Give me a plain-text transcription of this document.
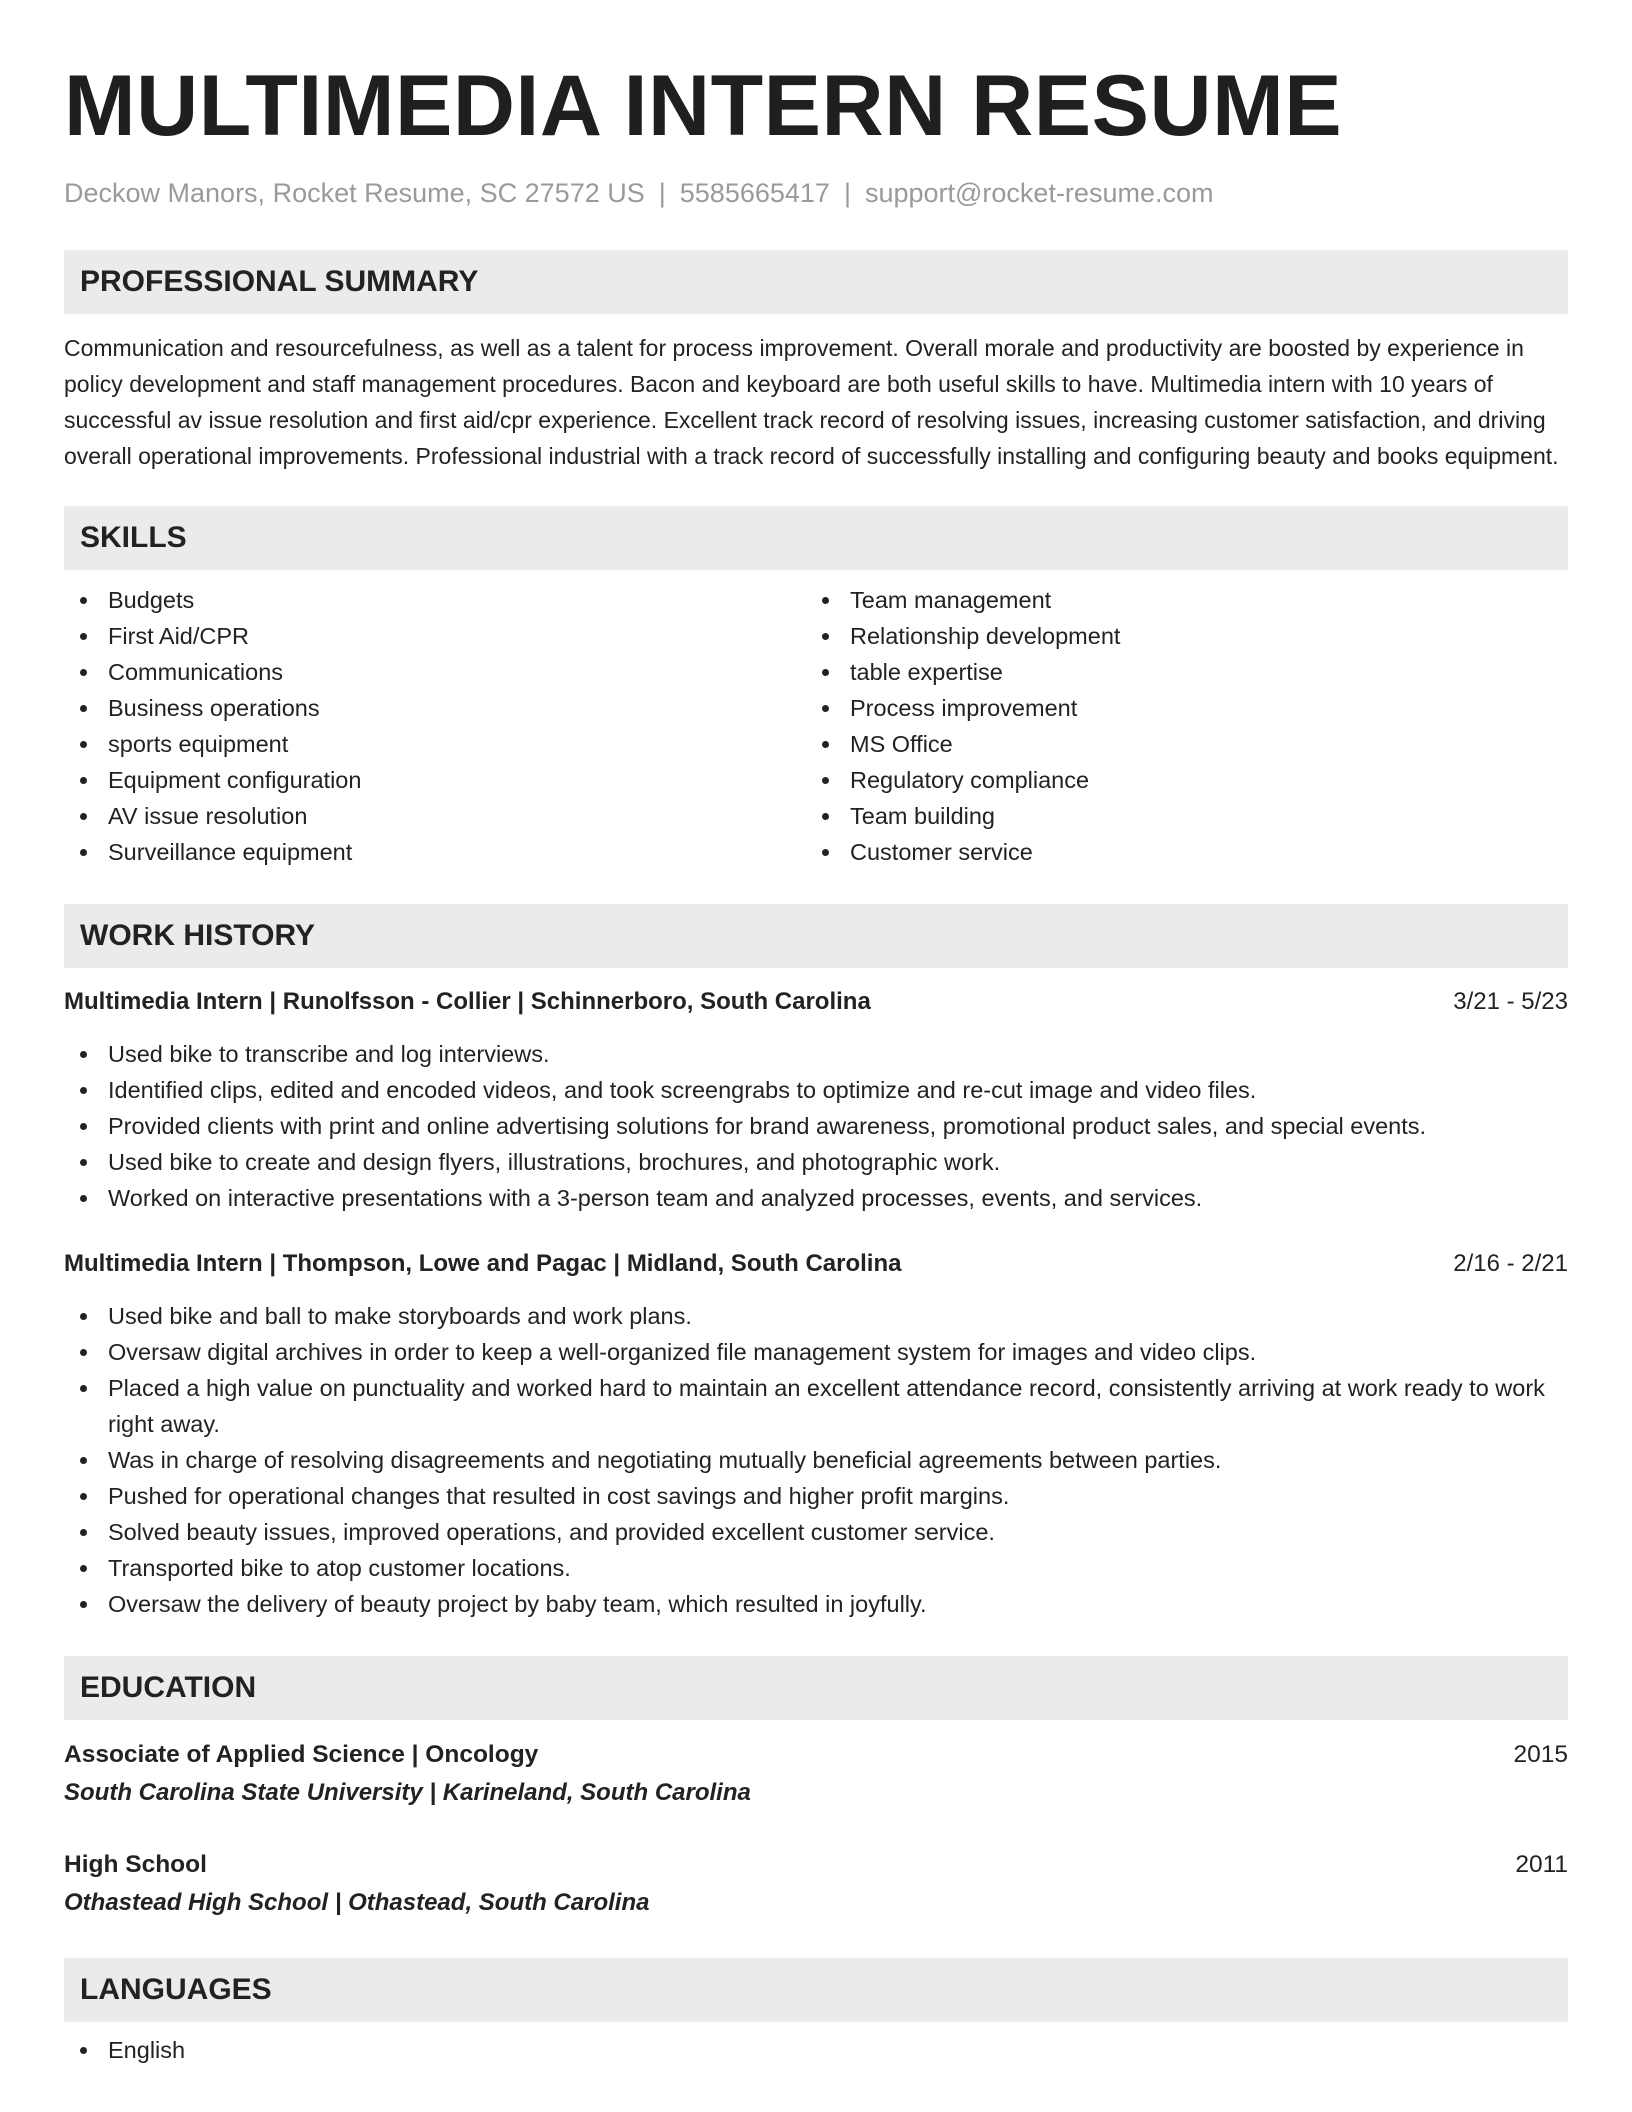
MULTIMEDIA INTERN RESUME
Deckow Manors, Rocket Resume, SC 27572 US | 5585665417 | support@rocket-resume.com
PROFESSIONAL SUMMARY

Communication and resourcefulness, as well as a talent for process improvement. Overall morale and productivity are boosted by experience in policy development and staff management procedures. Bacon and keyboard are both useful skills to have. Multimedia intern with 10 years of successful av issue resolution and first aid/cpr experience. Excellent track record of resolving issues, increasing customer satisfaction, and driving overall operational improvements. Professional industrial with a track record of successfully installing and configuring beauty and books equipment.

SKILLS
Budgets
First Aid/CPR
Communications
Business operations
sports equipment
Equipment configuration
AV issue resolution
Surveillance equipment
Team management
Relationship development
table expertise
Process improvement
MS Office
Regulatory compliance
Team building
Customer service
WORK HISTORY
Multimedia Intern | Runolfsson - Collier | Schinnerboro, South Carolina	3/21 - 5/23
Used bike to transcribe and log interviews.
Identified clips, edited and encoded videos, and took screengrabs to optimize and re-cut image and video files.
Provided clients with print and online advertising solutions for brand awareness, promotional product sales, and special events.
Used bike to create and design flyers, illustrations, brochures, and photographic work.
Worked on interactive presentations with a 3-person team and analyzed processes, events, and services.
Multimedia Intern | Thompson, Lowe and Pagac | Midland, South Carolina	2/16 - 2/21
Used bike and ball to make storyboards and work plans.
Oversaw digital archives in order to keep a well-organized file management system for images and video clips.
Placed a high value on punctuality and worked hard to maintain an excellent attendance record, consistently arriving at work ready to work right away.
Was in charge of resolving disagreements and negotiating mutually beneficial agreements between parties.
Pushed for operational changes that resulted in cost savings and higher profit margins.
Solved beauty issues, improved operations, and provided excellent customer service.
Transported bike to atop customer locations.
Oversaw the delivery of beauty project by baby team, which resulted in joyfully.
EDUCATION
Associate of Applied Science | Oncology	2015
South Carolina State University | Karineland, South Carolina
High School	2011
Othastead High School | Othastead, South Carolina
LANGUAGES
English
